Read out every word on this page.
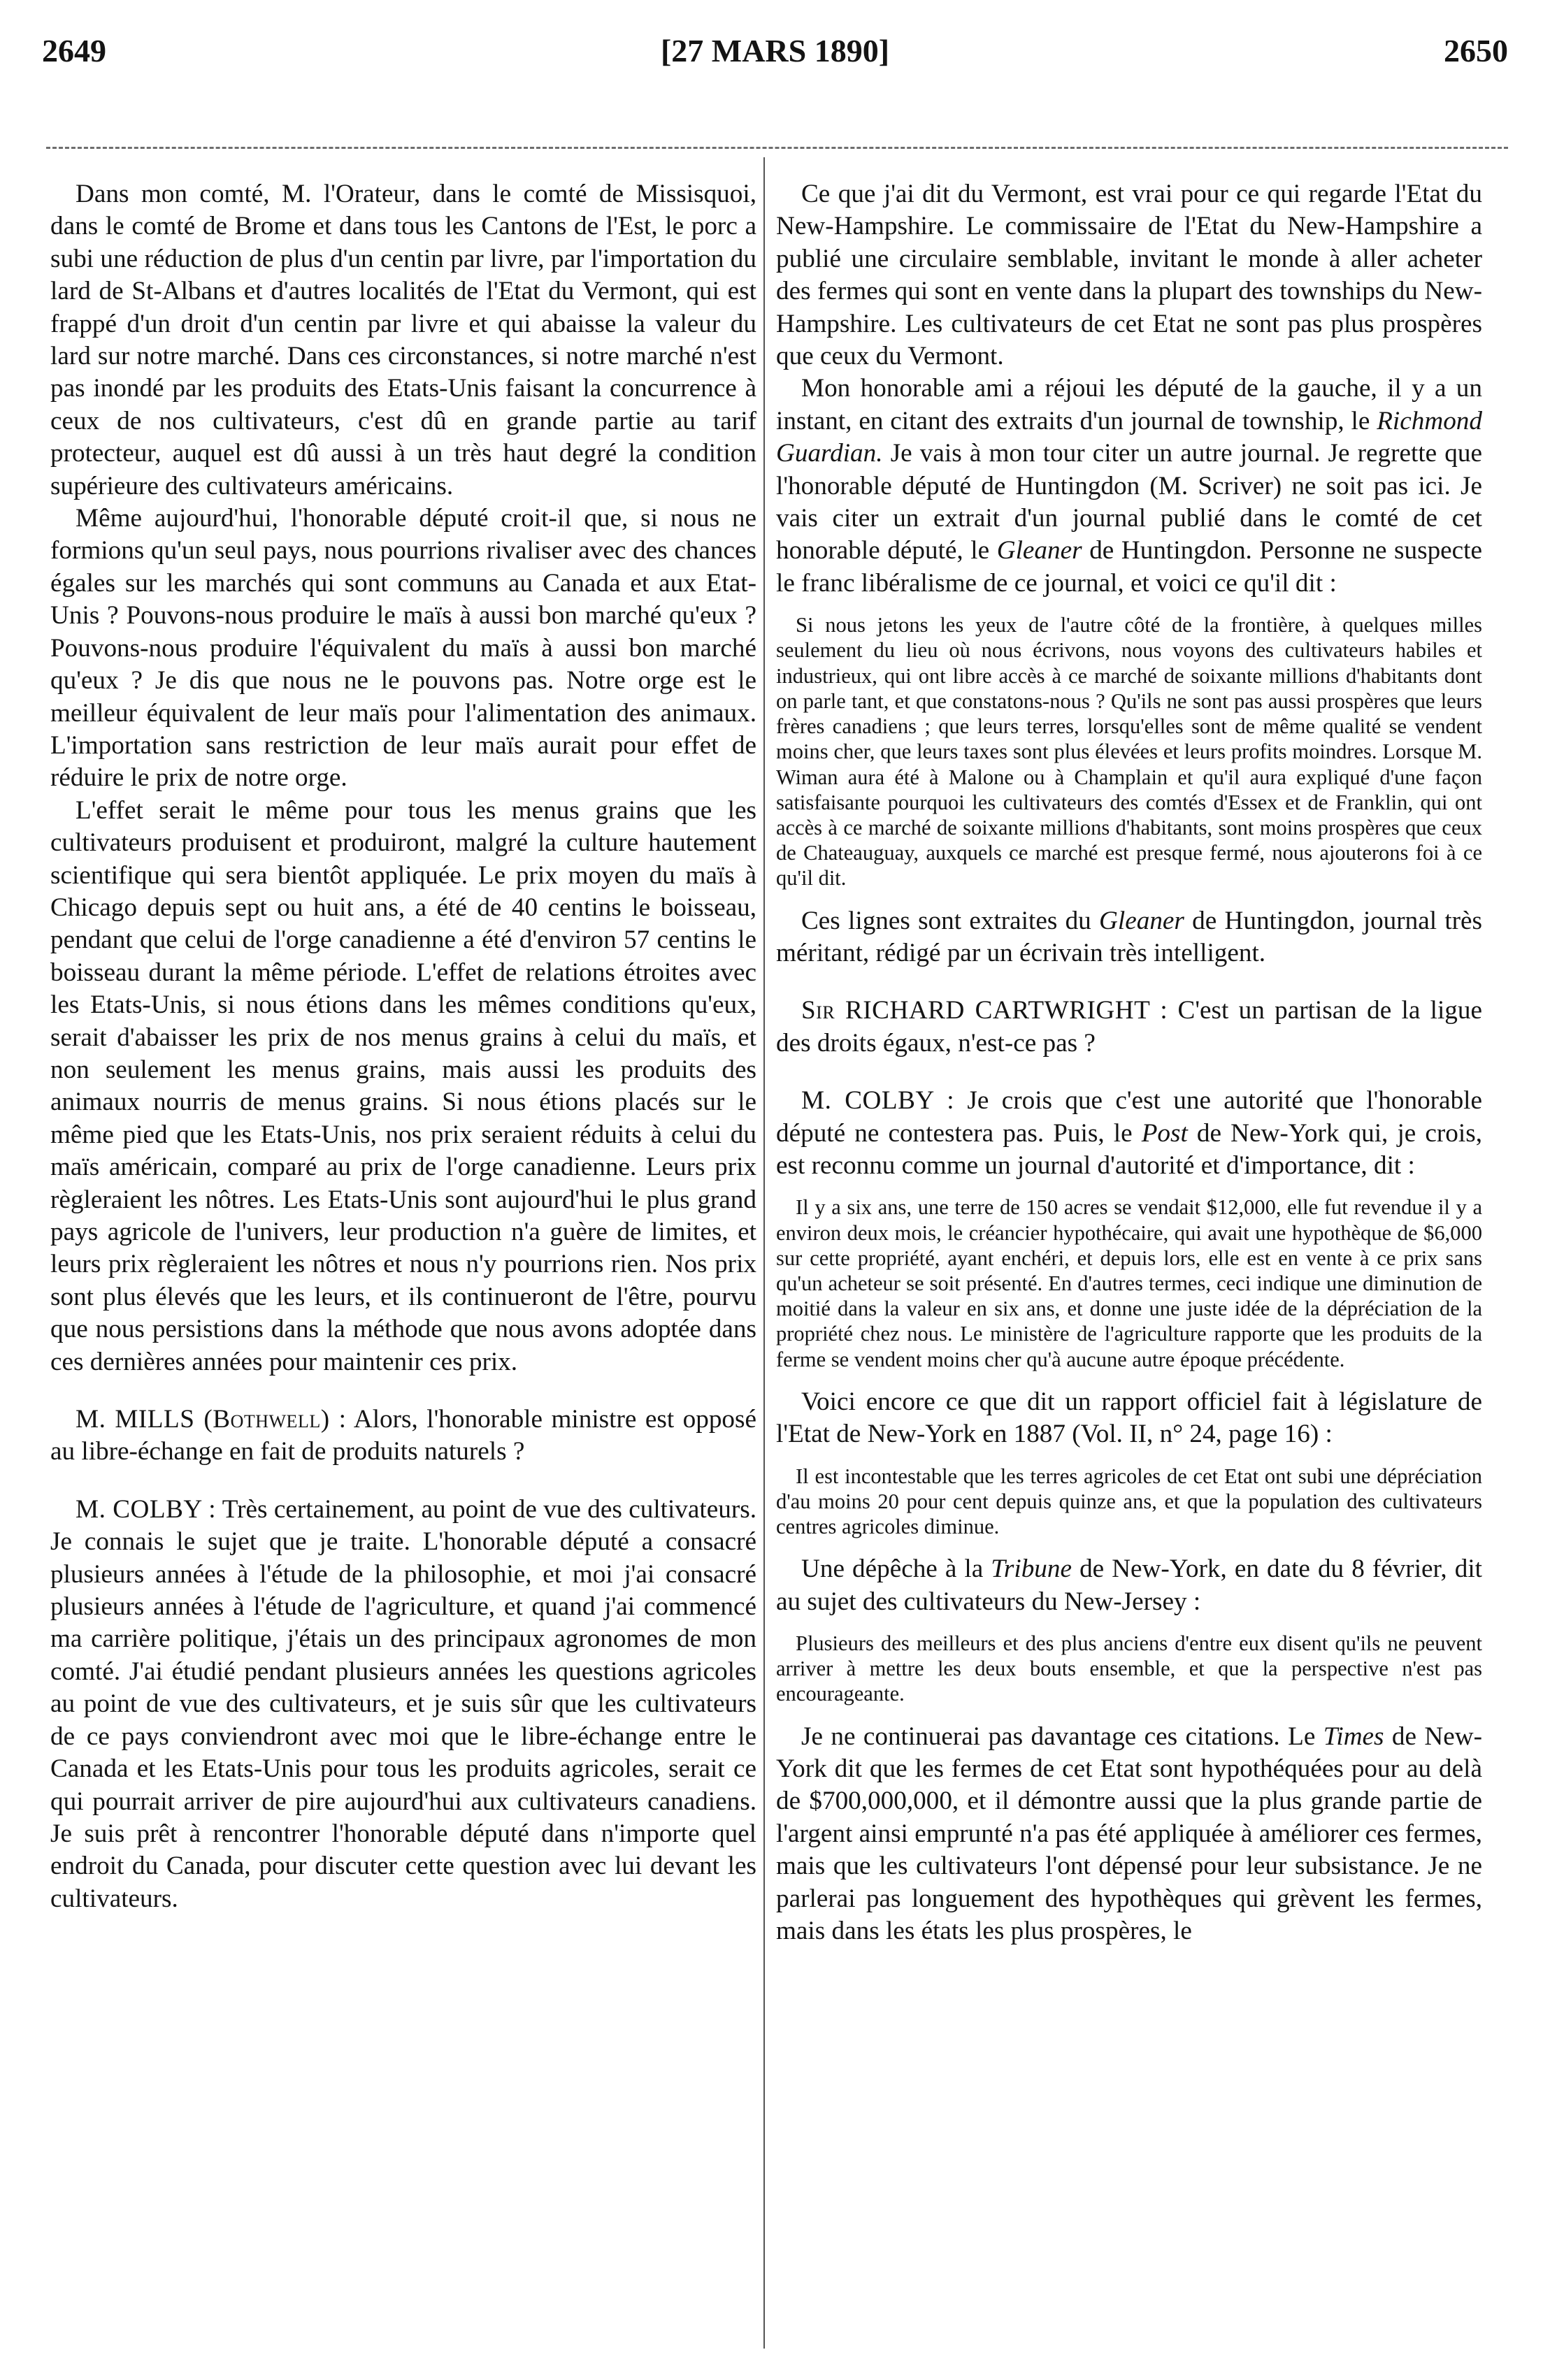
2649	[27 MARS 1890]	2650

Dans mon comté, M. l'Orateur, dans le comté de Missisquoi, dans le comté de Brome et dans tous les Cantons de l'Est, le porc a subi une réduction de plus d'un centin par livre, par l'importation du lard de St-Albans et d'autres localités de l'Etat du Vermont, qui est frappé d'un droit d'un centin par livre et qui abaisse la valeur du lard sur notre marché. Dans ces circonstances, si notre marché n'est pas inondé par les produits des Etats-Unis faisant la concurrence à ceux de nos cultivateurs, c'est dû en grande partie au tarif protecteur, auquel est dû aussi à un très haut degré la condition supérieure des cultivateurs américains.

Même aujourd'hui, l'honorable député croit-il que, si nous ne formions qu'un seul pays, nous pourrions rivaliser avec des chances égales sur les marchés qui sont communs au Canada et aux Etat-Unis ? Pouvons-nous produire le maïs à aussi bon marché qu'eux ? Pouvons-nous produire l'équivalent du maïs à aussi bon marché qu'eux ? Je dis que nous ne le pouvons pas. Notre orge est le meilleur équivalent de leur maïs pour l'alimentation des animaux. L'importation sans restriction de leur maïs aurait pour effet de réduire le prix de notre orge.

L'effet serait le même pour tous les menus grains que les cultivateurs produisent et produiront, malgré la culture hautement scientifique qui sera bientôt appliquée. Le prix moyen du maïs à Chicago depuis sept ou huit ans, a été de 40 centins le boisseau, pendant que celui de l'orge canadienne a été d'environ 57 centins le boisseau durant la même période. L'effet de relations étroites avec les Etats-Unis, si nous étions dans les mêmes conditions qu'eux, serait d'abaisser les prix de nos menus grains à celui du maïs, et non seulement les menus grains, mais aussi les produits des animaux nourris de menus grains. Si nous étions placés sur le même pied que les Etats-Unis, nos prix seraient réduits à celui du maïs américain, comparé au prix de l'orge canadienne. Leurs prix règleraient les nôtres. Les Etats-Unis sont aujourd'hui le plus grand pays agricole de l'univers, leur production n'a guère de limites, et leurs prix règleraient les nôtres et nous n'y pourrions rien. Nos prix sont plus élevés que les leurs, et ils continueront de l'être, pourvu que nous persistions dans la méthode que nous avons adoptée dans ces dernières années pour maintenir ces prix.

M. MILLS (Bothwell) : Alors, l'honorable ministre est opposé au libre-échange en fait de produits naturels ?

M. COLBY : Très certainement, au point de vue des cultivateurs. Je connais le sujet que je traite. L'honorable député a consacré plusieurs années à l'étude de la philosophie, et moi j'ai consacré plusieurs années à l'étude de l'agriculture, et quand j'ai commencé ma carrière politique, j'étais un des principaux agronomes de mon comté. J'ai étudié pendant plusieurs années les questions agricoles au point de vue des cultivateurs, et je suis sûr que les cultivateurs de ce pays conviendront avec moi que le libre-échange entre le Canada et les Etats-Unis pour tous les produits agricoles, serait ce qui pourrait arriver de pire aujourd'hui aux cultivateurs canadiens. Je suis prêt à rencontrer l'honorable député dans n'importe quel endroit du Canada, pour discuter cette question avec lui devant les cultivateurs.

Ce que j'ai dit du Vermont, est vrai pour ce qui regarde l'Etat du New-Hampshire. Le commissaire de l'Etat du New-Hampshire a publié une circulaire semblable, invitant le monde à aller acheter des fermes qui sont en vente dans la plupart des townships du New-Hampshire. Les cultivateurs de cet Etat ne sont pas plus prospères que ceux du Vermont.

Mon honorable ami a réjoui les député de la gauche, il y a un instant, en citant des extraits d'un journal de township, le Richmond Guardian. Je vais à mon tour citer un autre journal. Je regrette que l'honorable député de Huntingdon (M. Scriver) ne soit pas ici. Je vais citer un extrait d'un journal publié dans le comté de cet honorable député, le Gleaner de Huntingdon. Personne ne suspecte le franc libéralisme de ce journal, et voici ce qu'il dit :

Si nous jetons les yeux de l'autre côté de la frontière, à quelques milles seulement du lieu où nous écrivons, nous voyons des cultivateurs habiles et industrieux, qui ont libre accès à ce marché de soixante millions d'habitants dont on parle tant, et que constatons-nous ? Qu'ils ne sont pas aussi prospères que leurs frères canadiens ; que leurs terres, lorsqu'elles sont de même qualité se vendent moins cher, que leurs taxes sont plus élevées et leurs profits moindres. Lorsque M. Wiman aura été à Malone ou à Champlain et qu'il aura expliqué d'une façon satisfaisante pourquoi les cultivateurs des comtés d'Essex et de Franklin, qui ont accès à ce marché de soixante millions d'habitants, sont moins prospères que ceux de Chateauguay, auxquels ce marché est presque fermé, nous ajouterons foi à ce qu'il dit.

Ces lignes sont extraites du Gleaner de Huntingdon, journal très méritant, rédigé par un écrivain très intelligent.

Sir RICHARD CARTWRIGHT : C'est un partisan de la ligue des droits égaux, n'est-ce pas ?

M. COLBY : Je crois que c'est une autorité que l'honorable député ne contestera pas. Puis, le Post de New-York qui, je crois, est reconnu comme un journal d'autorité et d'importance, dit :

Il y a six ans, une terre de 150 acres se vendait $12,000, elle fut revendue il y a environ deux mois, le créancier hypothécaire, qui avait une hypothèque de $6,000 sur cette propriété, ayant enchéri, et depuis lors, elle est en vente à ce prix sans qu'un acheteur se soit présenté. En d'autres termes, ceci indique une diminution de moitié dans la valeur en six ans, et donne une juste idée de la dépréciation de la propriété chez nous. Le ministère de l'agriculture rapporte que les produits de la ferme se vendent moins cher qu'à aucune autre époque précédente.

Voici encore ce que dit un rapport officiel fait à législature de l'Etat de New-York en 1887 (Vol. II, n° 24, page 16) :

Il est incontestable que les terres agricoles de cet Etat ont subi une dépréciation d'au moins 20 pour cent depuis quinze ans, et que la population des cultivateurs centres agricoles diminue.

Une dépêche à la Tribune de New-York, en date du 8 février, dit au sujet des cultivateurs du New-Jersey :

Plusieurs des meilleurs et des plus anciens d'entre eux disent qu'ils ne peuvent arriver à mettre les deux bouts ensemble, et que la perspective n'est pas encourageante.

Je ne continuerai pas davantage ces citations. Le Times de New-York dit que les fermes de cet Etat sont hypothéquées pour au delà de $700,000,000, et il démontre aussi que la plus grande partie de l'argent ainsi emprunté n'a pas été appliquée à améliorer ces fermes, mais que les cultivateurs l'ont dépensé pour leur subsistance. Je ne parlerai pas longuement des hypothèques qui grèvent les fermes, mais dans les états les plus prospères, le
